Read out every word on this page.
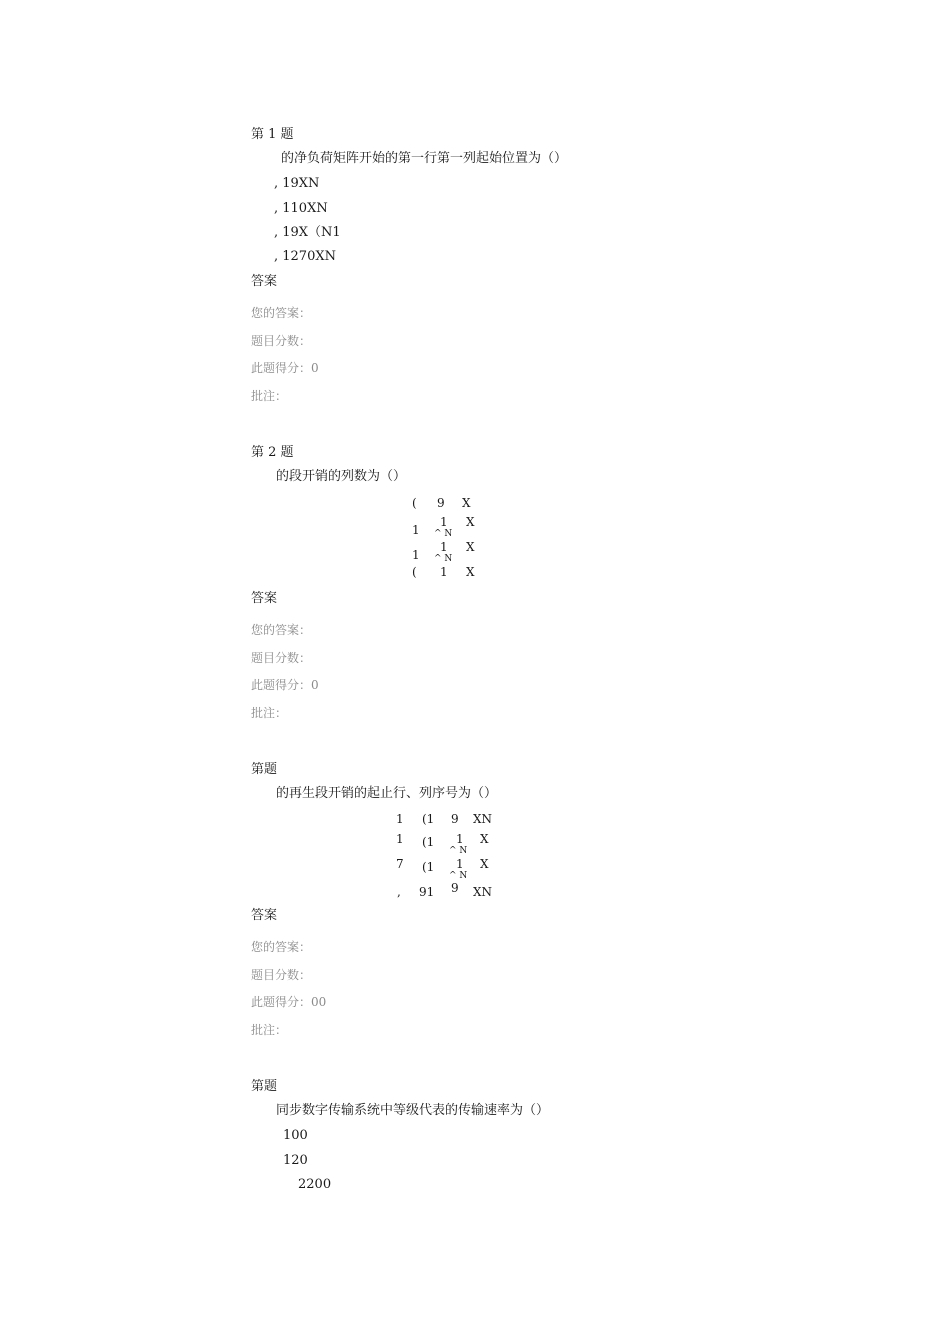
第 1 题
的净负荷矩阵开始的第一行第一列起始位置为（）
, 19XN
, 110XN
, 19X（N1
, 1270XN
答案
您的答案：
题目分数：
此题得分：0
批注：
第 2 题
的段开销的列数为（）
( 9 X
1
1 X
^ N
1
1 X
^ N
( 1 X
答案
您的答案：
题目分数：
此题得分：0
批注：
第题
的再生段开销的起止行、列序号为（）
1 (1 9 XN
1 (1 1 X
^ N
7 (1 1 X
^ N
, 91 9 XN
答案
您的答案：
题目分数：
此题得分：00
批注：
第题
同步数字传输系统中等级代表的传输速率为（）
100
120
2200
